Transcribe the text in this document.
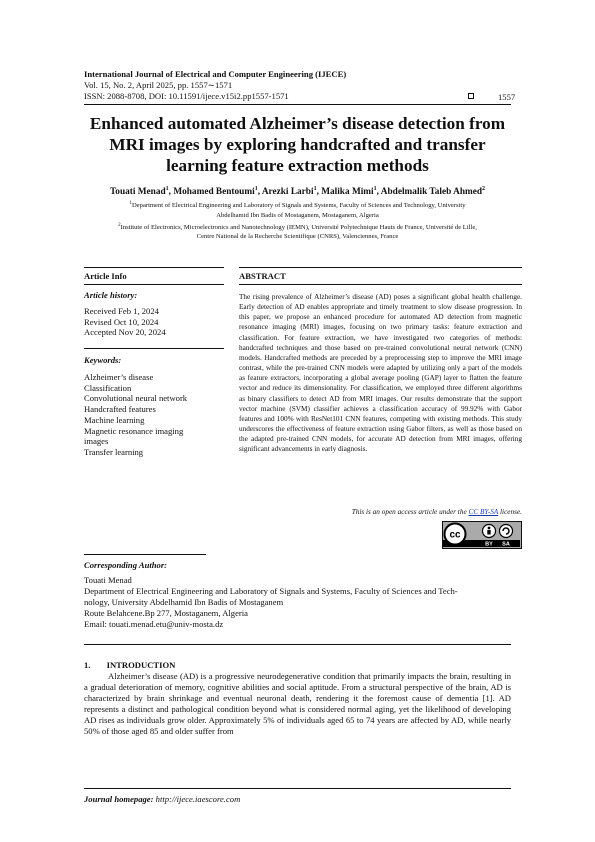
International Journal of Electrical and Computer Engineering (IJECE)
Vol. 15, No. 2, April 2025, pp. 1557∼1571
ISSN: 2088-8708, DOI: 10.11591/ijece.v15i2.pp1557-1571	1557
Enhanced automated Alzheimer’s disease detection from
MRI images by exploring handcrafted and transfer
learning feature extraction methods
Touati Menad$^1$, Mohamed Bentoumi$^1$, Arezki Larbi$^1$, Malika Mimi$^1$, Abdelmalik Taleb Ahmed$^2$
$^1$Department of Electrical Engineering and Laboratory of Signals and Systems, Faculty of Sciences and Technology, University
Abdelhamid Ibn Badis of Mostaganem, Mostaganem, Algeria
$^2$Institute of Electronics, Microelectronics and Nanotechnology (IEMN), Université Polytechnique Hauts de France, Université de Lille,
Centre National de la Recherche Scientifique (CNRS), Valenciennes, France
Article Info
Article history:
Received Feb 1, 2024
Revised Oct 10, 2024
Accepted Nov 20, 2024
Keywords:
Alzheimer’s disease
Classification
Convolutional neural network
Handcrafted features
Machine learning
Magnetic resonance imaging
images
Transfer learning
ABSTRACT
The rising prevalence of Alzheimer’s disease (AD) poses a significant global health challenge. Early detection of AD enables appropriate and timely treatment to slow disease progression. In this paper, we propose an enhanced procedure for automated AD detection from magnetic resonance imaging (MRI) images, focusing on two primary tasks: feature extraction and classification. For feature extraction, we have investigated two categories of methods: handcrafted techniques and those based on pre-trained convolutional neural network (CNN) models. Handcrafted methods are preceded by a preprocessing step to improve the MRI image contrast, while the pre-trained CNN models were adapted by utilizing only a part of the models as feature extractors, incorporating a global average pooling (GAP) layer to flatten the feature vector and reduce its dimensionality. For classification, we employed three different algorithms as binary classifiers to detect AD from MRI images. Our results demonstrate that the support vector machine (SVM) classifier achieves a classification accuracy of 99.92% with Gabor features and 100% with ResNet101 CNN features, competing with existing methods. This study underscores the effectiveness of feature extraction using Gabor filters, as well as those based on the adapted pre-trained CNN models, for accurate AD detection from MRI images, offering significant advancements in early diagnosis.
This is an open access article under the CC BY-SA license.
cc
BY SA
Corresponding Author:
Touati Menad
Department of Electrical Engineering and Laboratory of Signals and Systems, Faculty of Sciences and Tech-
nology, University Abdelhamid Ibn Badis of Mostaganem
Route Belahcene.Bp 277, Mostaganem, Algeria
Email: touati.menad.etu@univ-mosta.dz
1. INTRODUCTION

Alzheimer’s disease (AD) is a progressive neurodegenerative condition that primarily impacts the brain, resulting in a gradual deterioration of memory, cognitive abilities and social aptitude. From a structural perspective of the brain, AD is characterized by brain shrinkage and eventual neuronal death, rendering it the foremost cause of dementia [1]. AD represents a distinct and pathological condition beyond what is considered normal aging, yet the likelihood of developing AD rises as individuals grow older. Approximately 5% of individuals aged 65 to 74 years are affected by AD, while nearly 50% of those aged 85 and older suffer from

Journal homepage: http://ijece.iaescore.com
